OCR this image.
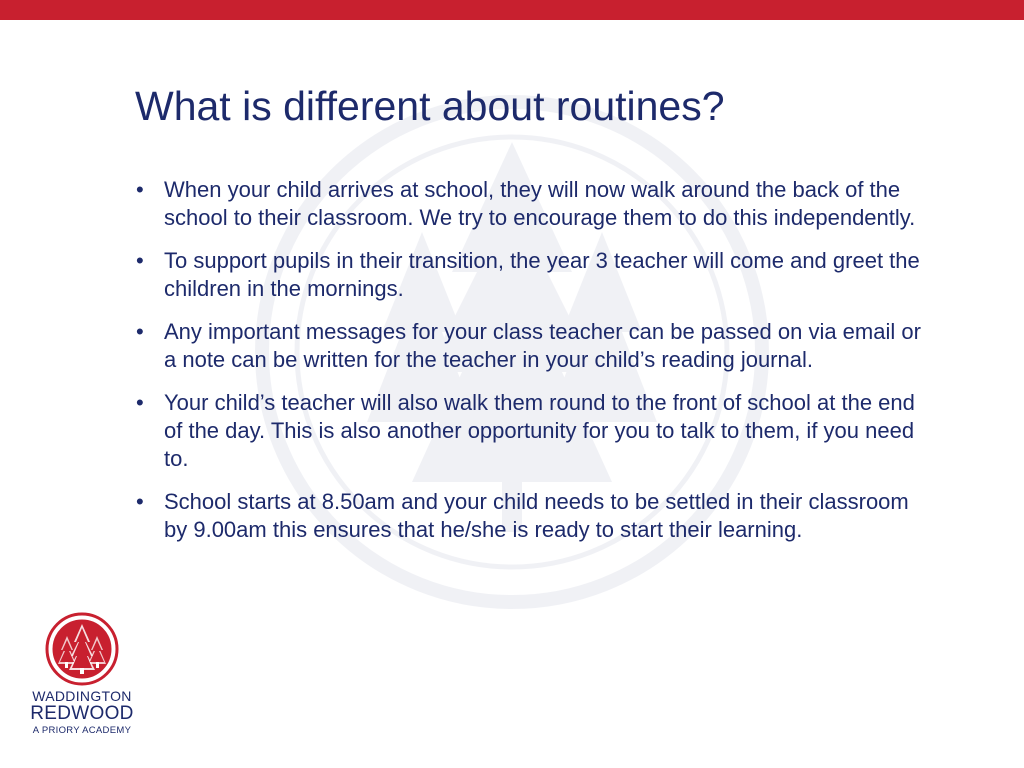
What is different about routines?
• When your child arrives at school, they will now walk around the back of the school to their classroom. We try to encourage them to do this independently.
• To support pupils in their transition, the year 3 teacher will come and greet the children in the mornings.
• Any important messages for your class teacher can be passed on via email or a note can be written for the teacher in your child’s reading journal.
• Your child’s teacher will also walk them round to the front of school at the end of the day. This is also another opportunity for you to talk to them, if you need to.
• School starts at 8.50am and your child needs to be settled in their classroom by 9.00am this ensures that he/she is ready to start their learning.
WADDINGTON
REDWOOD
A PRIORY ACADEMY
